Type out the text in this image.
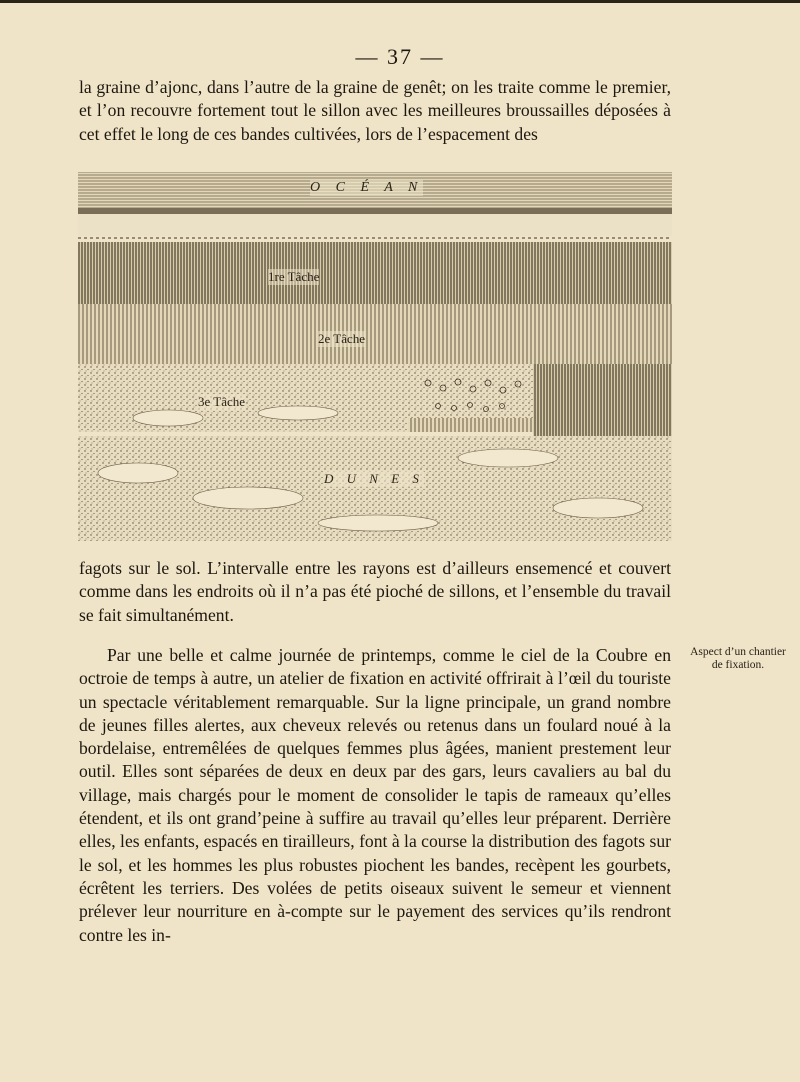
— 37 —

la graine d’ajonc, dans l’autre de la graine de genêt; on les traite comme le premier, et l’on recouvre fortement tout le sillon avec les meilleures broussailles déposées à cet effet le long de ces bandes cultivées, lors de l’espacement des

O C É A N
1re Tâche
2e Tâche
3e Tâche
D U N E S

fagots sur le sol. L’intervalle entre les rayons est d’ailleurs ensemencé et couvert comme dans les endroits où il n’a pas été pioché de sillons, et l’ensemble du travail se fait simultanément.

Par une belle et calme journée de printemps, comme le ciel de la Coubre en octroie de temps à autre, un atelier de fixation en activité offrirait à l’œil du touriste un spectacle véritablement remarquable. Sur la ligne principale, un grand nombre de jeunes filles alertes, aux cheveux relevés ou retenus dans un foulard noué à la bordelaise, entremêlées de quelques femmes plus âgées, manient prestement leur outil. Elles sont séparées de deux en deux par des gars, leurs cavaliers au bal du village, mais chargés pour le moment de consolider le tapis de rameaux qu’elles étendent, et ils ont grand’peine à suffire au travail qu’elles leur préparent. Derrière elles, les enfants, espacés en tirailleurs, font à la course la distribution des fagots sur le sol, et les hommes les plus robustes piochent les bandes, recèpent les gourbets, écrêtent les terriers. Des volées de petits oiseaux suivent le semeur et viennent prélever leur nourriture en à-compte sur le payement des services qu’ils rendront contre les in-

Aspect d’un chantier de fixation.
